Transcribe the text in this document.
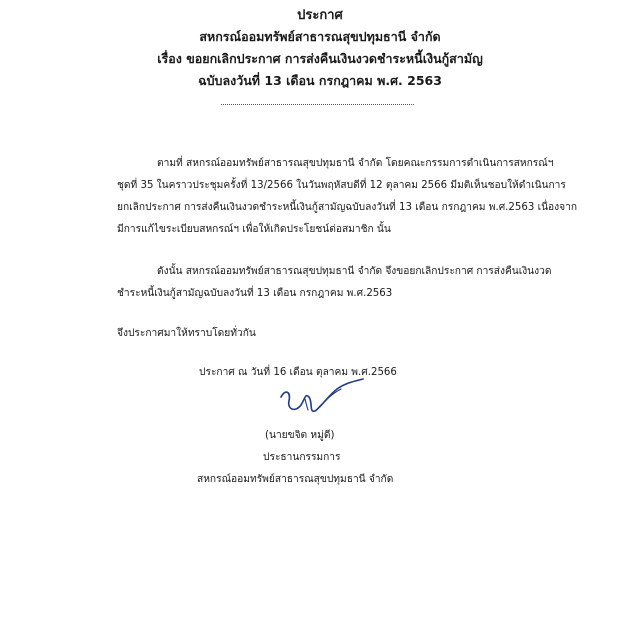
ประกาศ
สหกรณ์ออมทรัพย์สาธารณสุขปทุมธานี จำกัด
เรื่อง ขอยกเลิกประกาศ การส่งคืนเงินงวดชำระหนี้เงินกู้สามัญ
ฉบับลงวันที่ 13 เดือน กรกฎาคม พ.ศ. 2563
ตามที่ สหกรณ์ออมทรัพย์สาธารณสุขปทุมธานี จำกัด โดยคณะกรรมการดำเนินการสหกรณ์ฯ
ชุดที่ 35 ในคราวประชุมครั้งที่ 13/2566 ในวันพฤหัสบดีที่ 12 ตุลาคม 2566 มีมติเห็นชอบให้ดำเนินการ
ยกเลิกประกาศ การส่งคืนเงินงวดชำระหนี้เงินกู้สามัญฉบับลงวันที่ 13 เดือน กรกฎาคม พ.ศ.2563 เนื่องจาก
มีการแก้ไขระเบียบสหกรณ์ฯ เพื่อให้เกิดประโยชน์ต่อสมาชิก นั้น
ดังนั้น สหกรณ์ออมทรัพย์สาธารณสุขปทุมธานี จำกัด จึงขอยกเลิกประกาศ การส่งคืนเงินงวด
ชำระหนี้เงินกู้สามัญฉบับลงวันที่ 13 เดือน กรกฎาคม พ.ศ.2563
จึงประกาศมาให้ทราบโดยทั่วกัน
ประกาศ ณ วันที่ 16 เดือน ตุลาคม พ.ศ.2566
(นายขจิต หมู่ดี)
ประธานกรรมการ
สหกรณ์ออมทรัพย์สาธารณสุขปทุมธานี จำกัด
